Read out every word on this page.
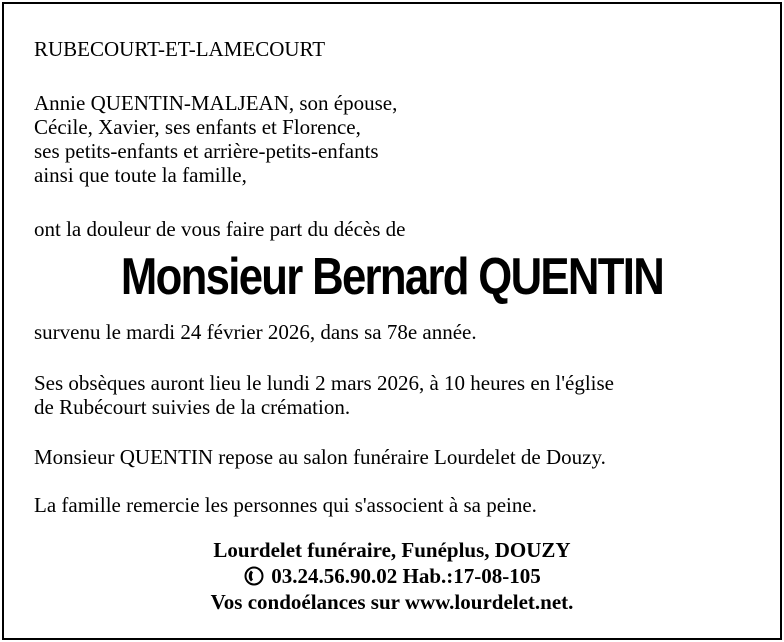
RUBECOURT-ET-LAMECOURT
Annie QUENTIN-MALJEAN, son épouse,
Cécile, Xavier, ses enfants et Florence,
ses petits-enfants et arrière-petits-enfants
ainsi que toute la famille,
ont la douleur de vous faire part du décès de
Monsieur Bernard QUENTIN
survenu le mardi 24 février 2026, dans sa 78e année.
Ses obsèques auront lieu le lundi 2 mars 2026, à 10 heures en l'église
de Rubécourt suivies de la crémation.
Monsieur QUENTIN repose au salon funéraire Lourdelet de Douzy.
La famille remercie les personnes qui s'associent à sa peine.
Lourdelet funéraire, Funéplus, DOUZY
03.24.56.90.02 Hab.:17-08-105
Vos condoélances sur www.lourdelet.net.
